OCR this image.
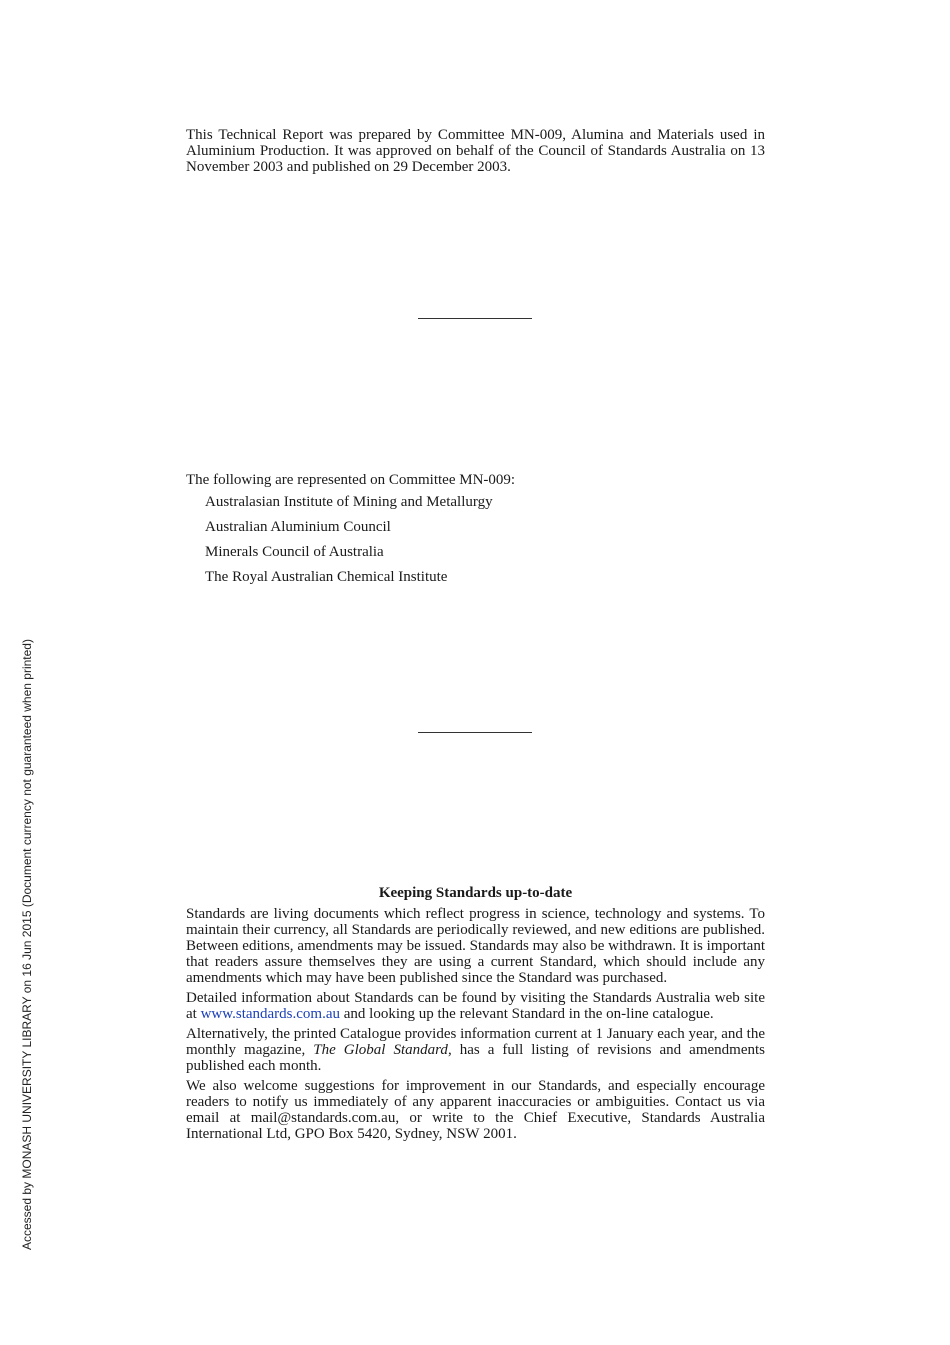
This Technical Report was prepared by Committee MN-009, Alumina and Materials used in Aluminium Production. It was approved on behalf of the Council of Standards Australia on 13 November 2003 and published on 29 December 2003.
The following are represented on Committee MN-009:
Australasian Institute of Mining and Metallurgy
Australian Aluminium Council
Minerals Council of Australia
The Royal Australian Chemical Institute
Keeping Standards up-to-date

Standards are living documents which reflect progress in science, technology and systems. To maintain their currency, all Standards are periodically reviewed, and new editions are published. Between editions, amendments may be issued. Standards may also be withdrawn. It is important that readers assure themselves they are using a current Standard, which should include any amendments which may have been published since the Standard was purchased.

Detailed information about Standards can be found by visiting the Standards Australia web site at www.standards.com.au and looking up the relevant Standard in the on-line catalogue.

Alternatively, the printed Catalogue provides information current at 1 January each year, and the monthly magazine, The Global Standard, has a full listing of revisions and amendments published each month.

We also welcome suggestions for improvement in our Standards, and especially encourage readers to notify us immediately of any apparent inaccuracies or ambiguities. Contact us via email at mail@standards.com.au, or write to the Chief Executive, Standards Australia International Ltd, GPO Box 5420, Sydney, NSW 2001.

Accessed by MONASH UNIVERSITY LIBRARY on 16 Jun 2015 (Document currency not guaranteed when printed)
